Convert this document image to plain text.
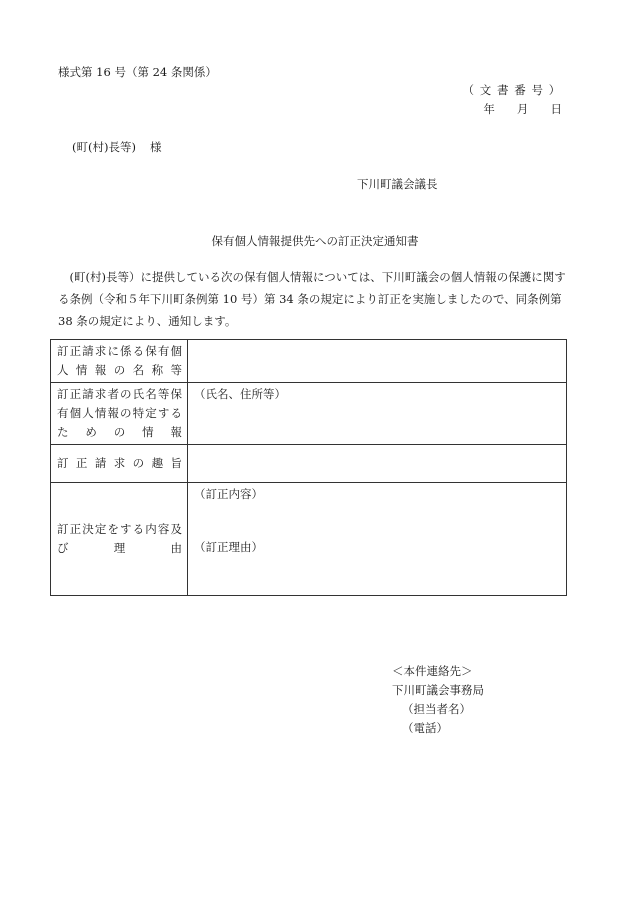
様式第 16 号（第 24 条関係）
（文書番号）
年 月 日
(町(村)長等) 様
下川町議会議長
保有個人情報提供先への訂正決定通知書
(町(村)長等）に提供している次の保有個人情報については、下川町議会の個人情報の保護に関する条例（令和５年下川町条例第 10 号）第 34 条の規定により訂正を実施しましたので、同条例第 38 条の規定により、通知します。
訂正請求に係る保有個人情報の名称等	
訂正請求者の氏名等保有個人情報の特定するための情報	（氏名、住所等）
訂正請求の趣旨	
訂正決定をする内容及び理由	（訂正内容）
（訂正理由）
＜本件連絡先＞
下川町議会事務局
（担当者名）
（電話）
